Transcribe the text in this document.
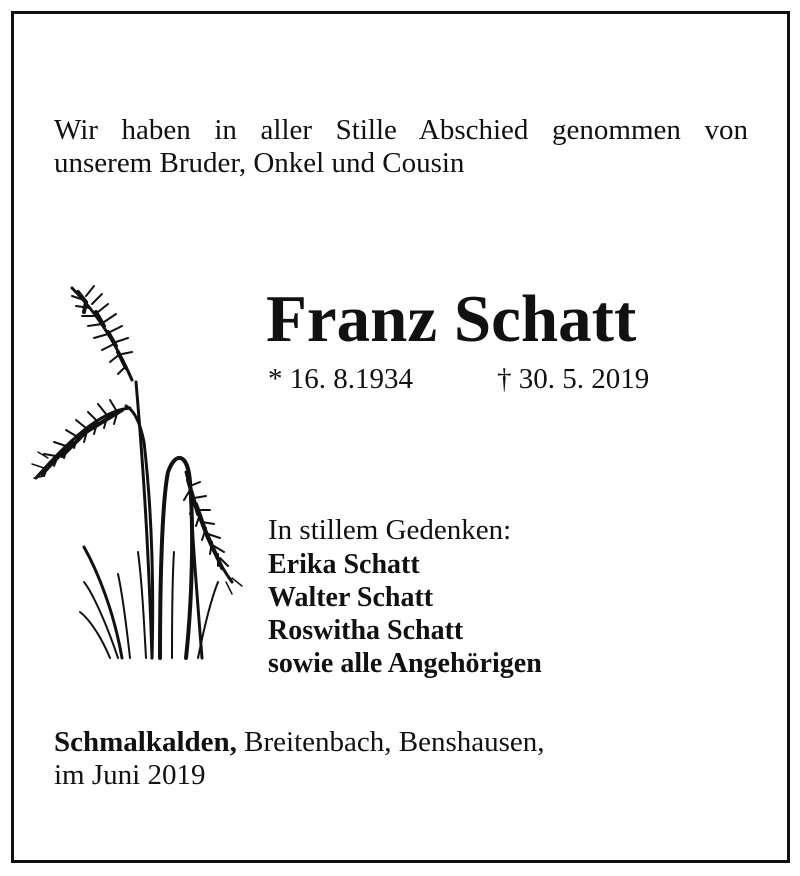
Wir haben in aller Stille Abschied genommen von
unserem Bruder, Onkel und Cousin
Franz Schatt
* 16. 8.1934	† 30. 5. 2019
In stillem Gedenken:
Erika Schatt
Walter Schatt
Roswitha Schatt
sowie alle Angehörigen
Schmalkalden, Breitenbach, Benshausen,
im Juni 2019
